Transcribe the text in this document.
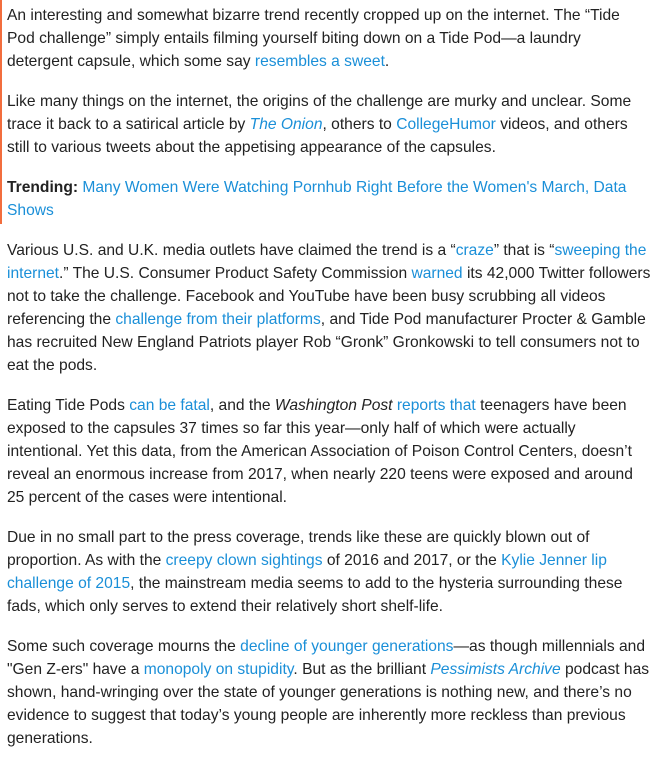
An interesting and somewhat bizarre trend recently cropped up on the internet. The “Tide Pod challenge” simply entails filming yourself biting down on a Tide Pod—a laundry detergent capsule, which some say resembles a sweet.

Like many things on the internet, the origins of the challenge are murky and unclear. Some trace it back to a satirical article by The Onion, others to CollegeHumor videos, and others still to various tweets about the appetising appearance of the capsules.

Trending: Many Women Were Watching Pornhub Right Before the Women's March, Data Shows

Various U.S. and U.K. media outlets have claimed the trend is a “craze” that is “sweeping the internet.” The U.S. Consumer Product Safety Commission warned its 42,000 Twitter followers not to take the challenge. Facebook and YouTube have been busy scrubbing all videos referencing the challenge from their platforms, and Tide Pod manufacturer Procter & Gamble has recruited New England Patriots player Rob “Gronk” Gronkowski to tell consumers not to eat the pods.

Eating Tide Pods can be fatal, and the Washington Post reports that teenagers have been exposed to the capsules 37 times so far this year—only half of which were actually intentional. Yet this data, from the American Association of Poison Control Centers, doesn’t reveal an enormous increase from 2017, when nearly 220 teens were exposed and around 25 percent of the cases were intentional.

Due in no small part to the press coverage, trends like these are quickly blown out of proportion. As with the creepy clown sightings of 2016 and 2017, or the Kylie Jenner lip challenge of 2015, the mainstream media seems to add to the hysteria surrounding these fads, which only serves to extend their relatively short shelf-life.

Some such coverage mourns the decline of younger generations—as though millennials and "Gen Z-ers" have a monopoly on stupidity. But as the brilliant Pessimists Archive podcast has shown, hand-wringing over the state of younger generations is nothing new, and there’s no evidence to suggest that today’s young people are inherently more reckless than previous generations.
